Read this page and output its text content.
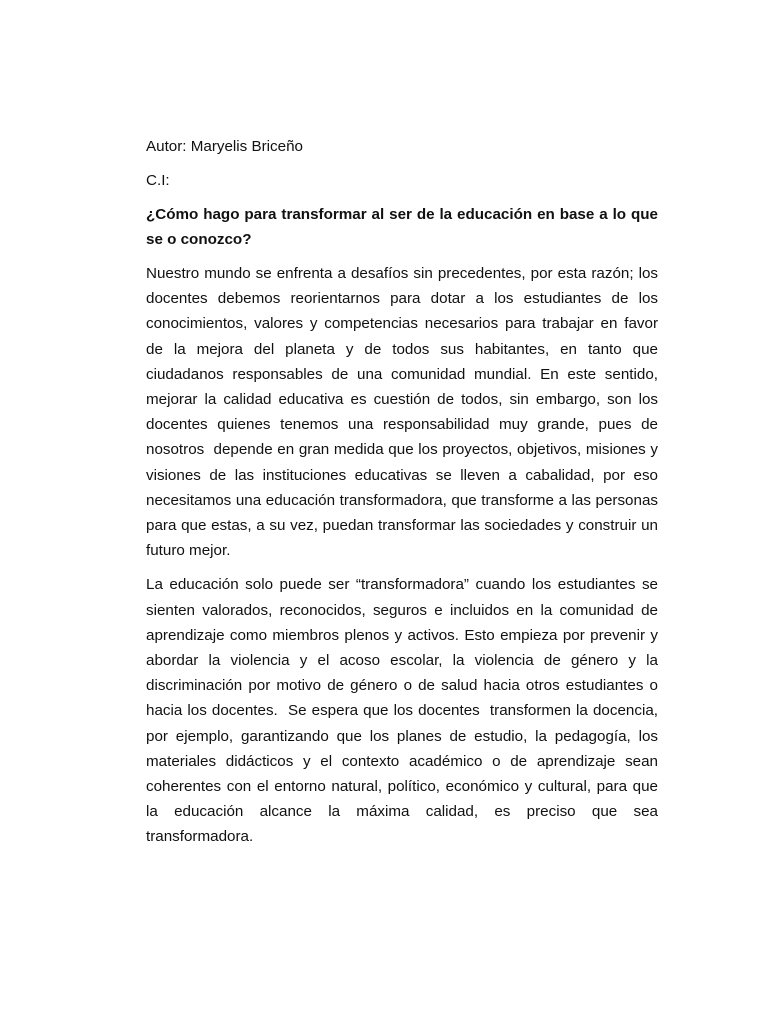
Autor: Maryelis Briceño

C.I:

¿Cómo hago para transformar al ser de la educación en base a lo que se o conozco?

Nuestro mundo se enfrenta a desafíos sin precedentes, por esta razón; los docentes debemos reorientarnos para dotar a los estudiantes de los conocimientos, valores y competencias necesarios para trabajar en favor de la mejora del planeta y de todos sus habitantes, en tanto que ciudadanos responsables de una comunidad mundial. En este sentido, mejorar la calidad educativa es cuestión de todos, sin embargo, son los docentes quienes tenemos una responsabilidad muy grande, pues de nosotros  depende en gran medida que los proyectos, objetivos, misiones y visiones de las instituciones educativas se lleven a cabalidad, por eso necesitamos una educación transformadora, que transforme a las personas para que estas, a su vez, puedan transformar las sociedades y construir un futuro mejor.

La educación solo puede ser “transformadora” cuando los estudiantes se sienten valorados, reconocidos, seguros e incluidos en la comunidad de aprendizaje como miembros plenos y activos. Esto empieza por prevenir y abordar la violencia y el acoso escolar, la violencia de género y la discriminación por motivo de género o de salud hacia otros estudiantes o hacia los docentes.  Se espera que los docentes  transformen la docencia, por ejemplo, garantizando que los planes de estudio, la pedagogía, los materiales didácticos y el contexto académico o de aprendizaje sean coherentes con el entorno natural, político, económico y cultural, para que la educación alcance la máxima calidad, es preciso que sea transformadora.
